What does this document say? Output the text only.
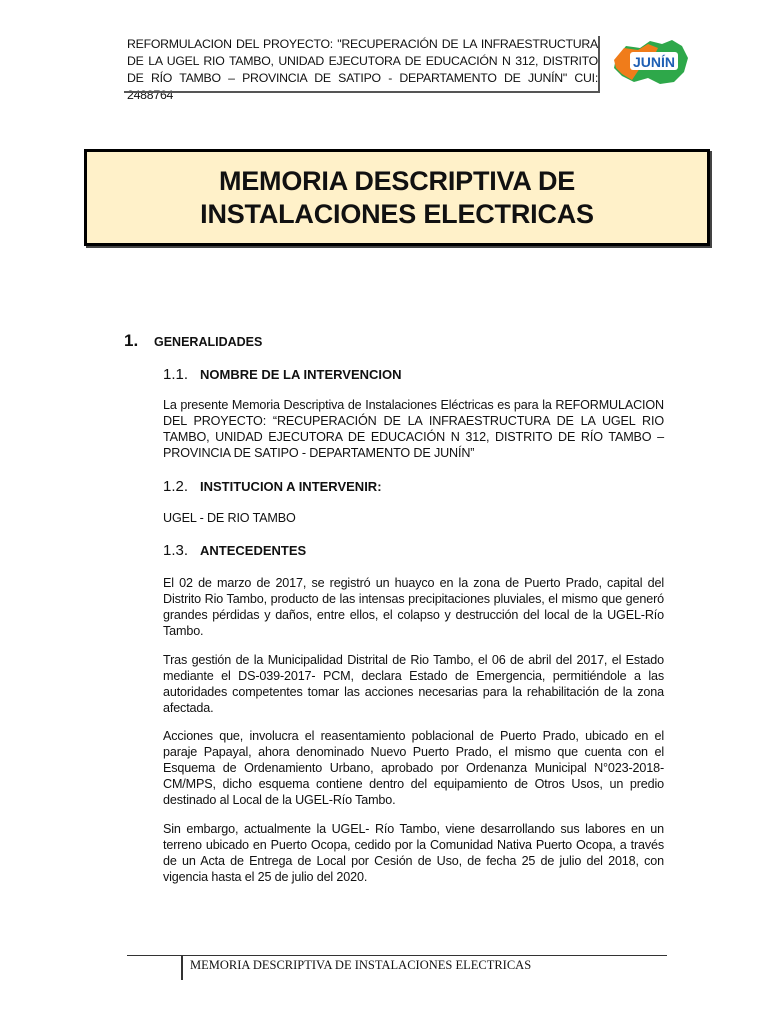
REFORMULACION DEL PROYECTO: "RECUPERACIÓN DE LA INFRAESTRUCTURA DE LA UGEL RIO TAMBO, UNIDAD EJECUTORA DE EDUCACIÓN N 312, DISTRITO DE RÍO TAMBO – PROVINCIA DE SATIPO - DEPARTAMENTO DE JUNÍN" CUI: 2488764
JUNÍN
MEMORIA DESCRIPTIVA DE
INSTALACIONES ELECTRICAS
1.	GENERALIDADES
1.1. NOMBRE DE LA INTERVENCION
La presente Memoria Descriptiva de Instalaciones Eléctricas es para la REFORMULACION DEL PROYECTO: “RECUPERACIÓN DE LA INFRAESTRUCTURA DE LA UGEL RIO TAMBO, UNIDAD EJECUTORA DE EDUCACIÓN N 312, DISTRITO DE RÍO TAMBO – PROVINCIA DE SATIPO - DEPARTAMENTO DE JUNÍN”
1.2. INSTITUCION A INTERVENIR:
UGEL - DE RIO TAMBO
1.3. ANTECEDENTES
El 02 de marzo de 2017, se registró un huayco en la zona de Puerto Prado, capital del Distrito Rio Tambo, producto de las intensas precipitaciones pluviales, el mismo que generó grandes pérdidas y daños, entre ellos, el colapso y destrucción del local de la UGEL-Río Tambo.
Tras gestión de la Municipalidad Distrital de Rio Tambo, el 06 de abril del 2017, el Estado mediante el DS-039-2017- PCM, declara Estado de Emergencia, permitiéndole a las autoridades competentes tomar las acciones necesarias para la rehabilitación de la zona afectada.
Acciones que, involucra el reasentamiento poblacional de Puerto Prado, ubicado en el paraje Papayal, ahora denominado Nuevo Puerto Prado, el mismo que cuenta con el Esquema de Ordenamiento Urbano, aprobado por Ordenanza Municipal N°023-2018-CM/MPS, dicho esquema contiene dentro del equipamiento de Otros Usos, un predio destinado al Local de la UGEL-Río Tambo.
Sin embargo, actualmente la UGEL- Río Tambo, viene desarrollando sus labores en un terreno ubicado en Puerto Ocopa, cedido por la Comunidad Nativa Puerto Ocopa, a través de un Acta de Entrega de Local por Cesión de Uso, de fecha 25 de julio del 2018, con vigencia hasta el 25 de julio del 2020.
MEMORIA DESCRIPTIVA DE INSTALACIONES ELECTRICAS
